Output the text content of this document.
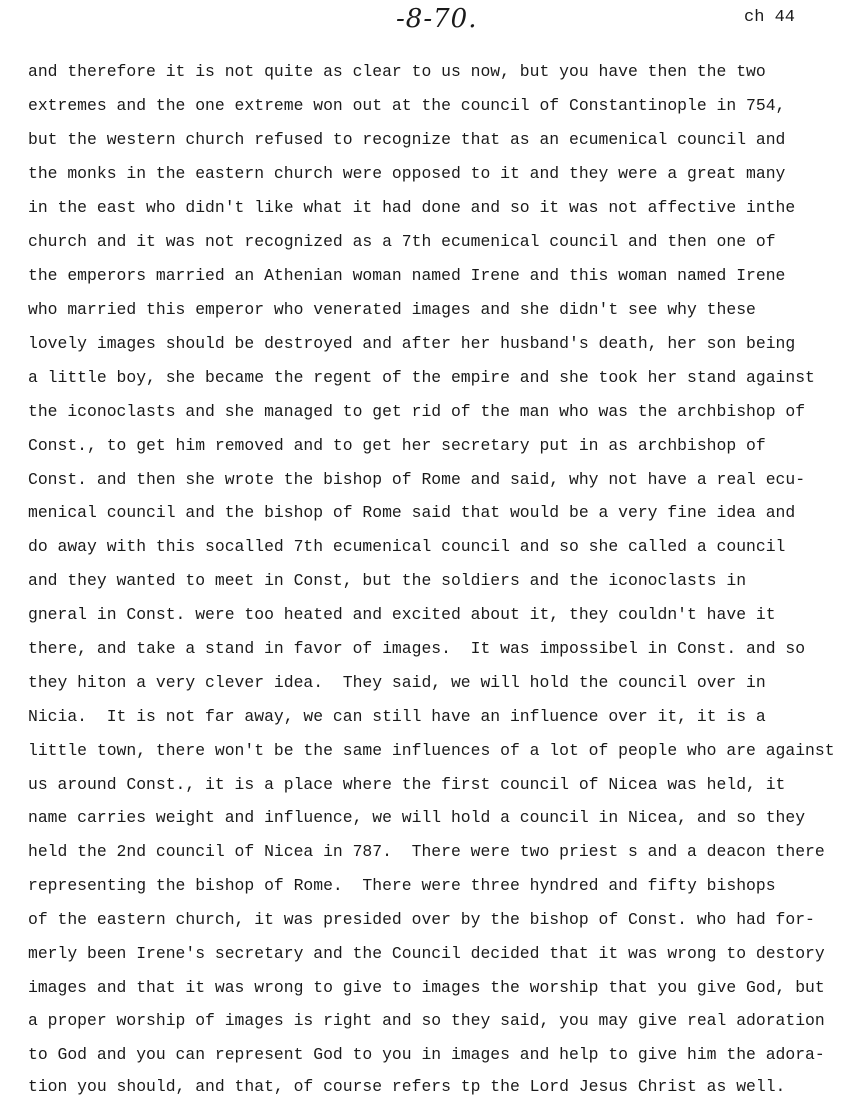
-8-70.	ch 44
and therefore it is not quite as clear to us now, but you have then the two
extremes and the one extreme won out at the council of Constantinople in 754,
but the western church refused to recognize that as an ecumenical council and
the monks in the eastern church were opposed to it and they were a great many
in the east who didn't like what it had done and so it was not affective inthe
church and it was not recognized as a 7th ecumenical council and then one of
the emperors married an Athenian woman named Irene and this woman named Irene
who married this emperor who venerated images and she didn't see why these
lovely images should be destroyed and after her husband's death, her son being
a little boy, she became the regent of the empire and she took her stand against
the iconoclasts and she managed to get rid of the man who was the archbishop of
Const., to get him removed and to get her secretary put in as archbishop of
Const. and then she wrote the bishop of Rome and said, why not have a real ecu-
menical council and the bishop of Rome said that would be a very fine idea and
do away with this socalled 7th ecumenical council and so she called a council
and they wanted to meet in Const, but the soldiers and the iconoclasts in
gneral in Const. were too heated and excited about it, they couldn't have it
there, and take a stand in favor of images.  It was impossibel in Const. and so
they hiton a very clever idea.  They said, we will hold the council over in
Nicia.  It is not far away, we can still have an influence over it, it is a
little town, there won't be the same influences of a lot of people who are against
us around Const., it is a place where the first council of Nicea was held, it
name carries weight and influence, we will hold a council in Nicea, and so they
held the 2nd council of Nicea in 787.  There were two priest s and a deacon there
representing the bishop of Rome.  There were three hyndred and fifty bishops
of the eastern church, it was presided over by the bishop of Const. who had for-
merly been Irene's secretary and the Council decided that it was wrong to destory
images and that it was wrong to give to images the worship that you give God, but
a proper worship of images is right and so they said, you may give real adoration
to God and you can represent God to you in images and help to give him the adora-
tion you should, and that, of course refers tp the Lord Jesus Christ as well.
